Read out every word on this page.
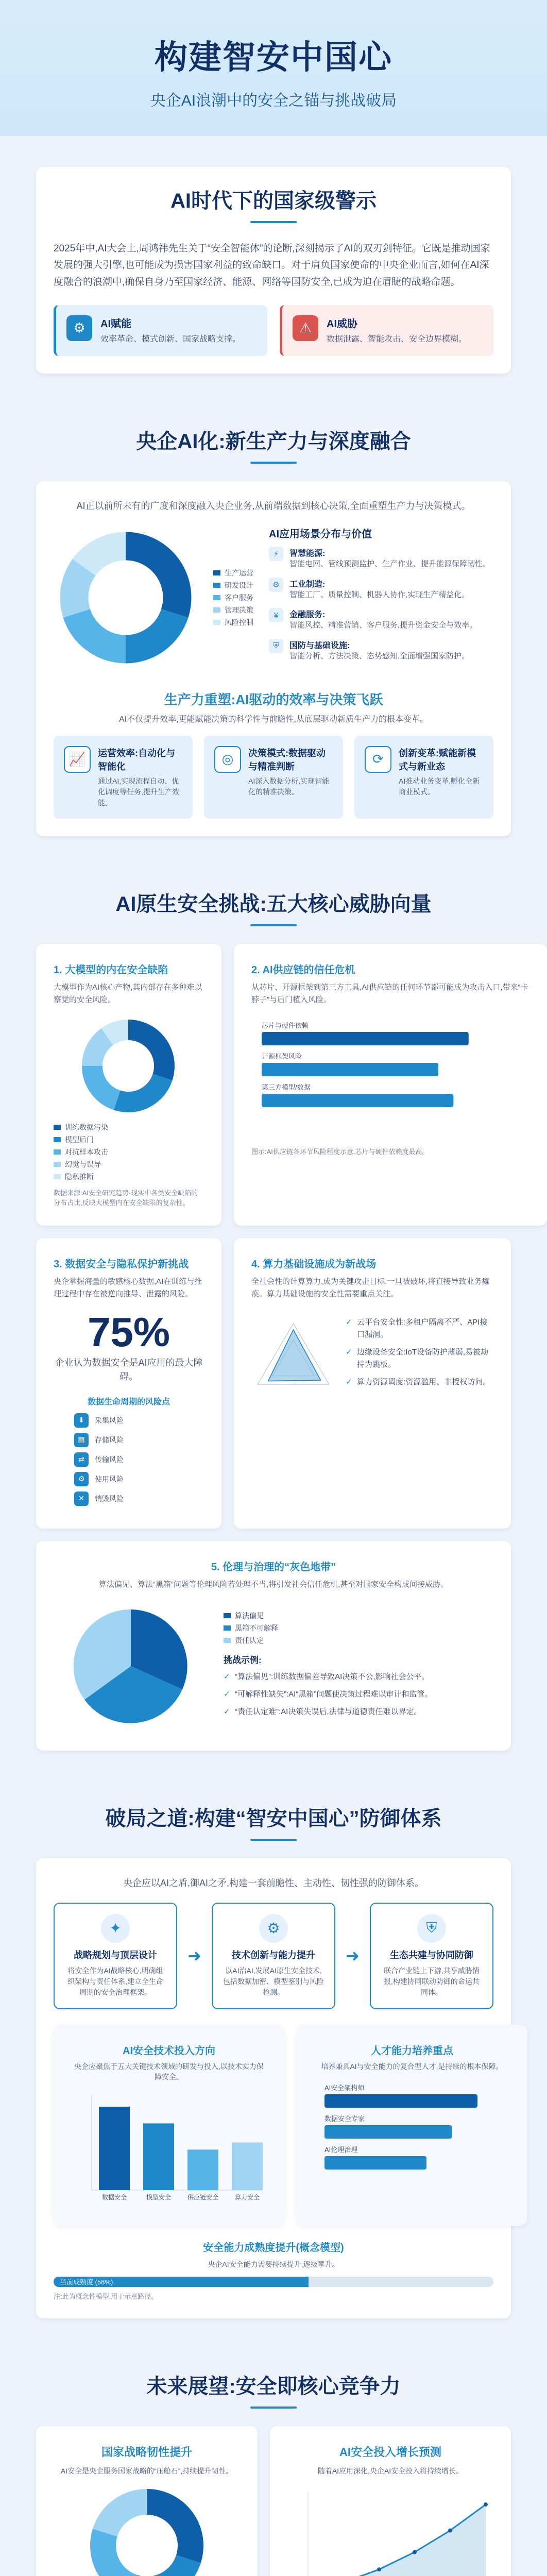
构建智安中国心
央企AI浪潮中的安全之锚与挑战破局
AI时代下的国家级警示

2025年中,AI大会上,周鸿祎先生关于“安全智能体”的论断,深刻揭示了AI的双刃剑特征。它既是推动国家发展的强大引擎,也可能成为损害国家利益的致命缺口。对于肩负国家使命的中央企业而言,如何在AI深度融合的浪潮中,确保自身乃至国家经济、能源、网络等国防安全,已成为迫在眉睫的战略命题。

⚙	AI赋能

效率革命、模式创新、国家战略支撑。

⚠	AI威胁

数据泄露、智能攻击、安全边界模糊。

央企AI化:新生产力与深度融合

AI正以前所未有的广度和深度融入央企业务,从前端数据到核心决策,全面重塑生产力与决策模式。

生产运营
研发设计
客户服务
管理决策
风险控制
AI应用场景分布与价值
⚡	智慧能源:
智能电网、管线预测监护、生产作业、提升能源保障韧性。
⚙	工业制造:
智能工厂、质量控制、机器人协作,实现生产精益化。
¥	金融服务:
智能风控、精准营销、客户服务,提升资金安全与效率。
⛨	国防与基础设施:
智能分析、方法决策、态势感知,全面增强国家防护。
生产力重塑:AI驱动的效率与决策飞跃

AI不仅提升效率,更能赋能决策的科学性与前瞻性,从底层驱动新质生产力的根本变革。

📈	运营效率:自动化与智能化

通过AI,实现流程自动、优化调度等任务,提升生产效能。

◎	决策模式:数据驱动与精准判断

AI深入数据分析,实现智能化的精准决策。

⟳	创新变革:赋能新模式与新业态

AI推动业务变革,孵化全新商业模式。

AI原生安全挑战:五大核心威胁向量
1. 大模型的内在安全缺陷

大模型作为AI核心产物,其内部存在多种难以察觉的安全风险。

训练数据污染
模型后门
对抗样本攻击
幻觉与误导
隐私推断

数据来源:AI安全研究趋势·现实中各类安全缺陷的分布占比,反映大模型内在安全缺陷的复杂性。

2. AI供应链的信任危机

从芯片、开源框架到第三方工具,AI供应链的任何环节都可能成为攻击入口,带来“卡脖子”与后门植入风险。

芯片与硬件依赖
开源框架风险
第三方模型/数据

图示:AI供应链各环节风险程度示意,芯片与硬件依赖度最高。

3. 数据安全与隐私保护新挑战

央企掌握海量的敏感核心数据,AI在训练与推理过程中存在被逆向推导、泄露的风险。

75%
企业认为数据安全是AI应用的最大障碍。
数据生命周期的风险点
⬇	采集风险
▤	存储风险
⇄	传输风险
⚙	使用风险
✕	销毁风险
4. 算力基础设施成为新战场

全社会性的计算算力,成为关键攻击目标,一旦被破坏,将直接导致业务瘫痪。算力基础设施的安全性需要重点关注。

✓ 云平台安全性:多租户隔离不严、API接口漏洞。
✓ 边缘设备安全:IoT设备防护薄弱,易被劫持为跳板。
✓ 算力资源调度:资源滥用、非授权访问。
5. 伦理与治理的“灰色地带”

算法偏见、算法“黑箱”问题等伦理风险若处理不当,将引发社会信任危机,甚至对国家安全构成间接威胁。

算法偏见
黑箱不可解释
责任认定
挑战示例:
✓ “算法偏见”:训练数据偏差导致AI决策不公,影响社会公平。
✓ “可解释性缺失”:AI“黑箱”问题使决策过程难以审计和监管。
✓ “责任认定难”:AI决策失误后,法律与道德责任难以界定。
破局之道:构建“智安中国心”防御体系

央企应以AI之盾,御AI之矛,构建一套前瞻性、主动性、韧性强的防御体系。

✦
战略规划与顶层设计

将安全作为AI战略核心,明确组织架构与责任体系,建立全生命周期的安全治理框架。

➜
⚙
技术创新与能力提升

以AI治AI,发展AI原生安全技术,包括数据加密、模型鉴别与风险检测。

➜
⛨
生态共建与协同防御

联合产业链上下游,共享威胁情报,构建协同联动防御的命运共同体。

AI安全技术投入方向

央企应聚焦于五大关键技术领域的研发与投入,以技术实力保障安全。

数据安全	模型安全	供应链安全	算力安全
人才能力培养重点

培养兼具AI与安全能力的复合型人才,是持续的根本保障。

AI安全架构师
数据安全专家
AI伦理治理
安全能力成熟度提升(概念模型)

央企AI安全能力需要持续提升,逐级攀升。

当前成熟度 (58%)

注:此为概念性模型,用于示意路径。

未来展望:安全即核心竞争力
国家战略韧性提升

AI安全是央企服务国家战略的“压舱石”,持续提升韧性。

AI安全投入增长预测

随着AI应用深化,央企AI安全投入将持续增长。
